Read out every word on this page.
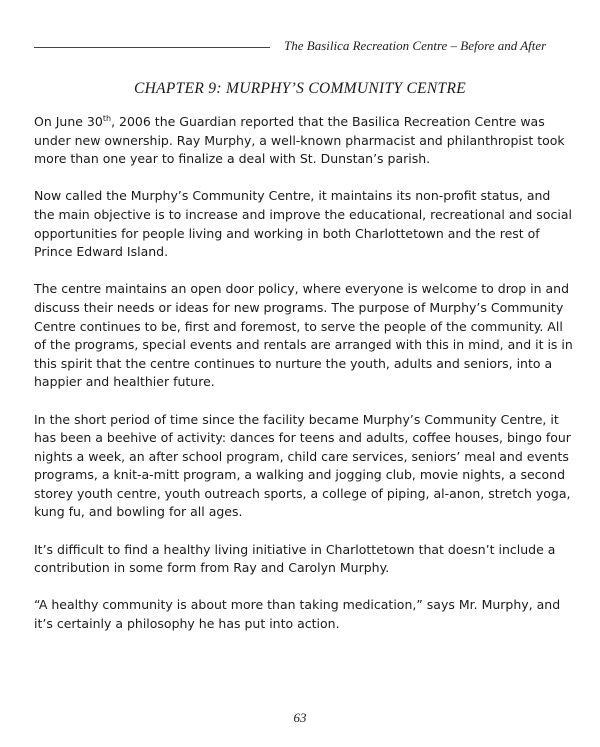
The Basilica Recreation Centre – Before and After
CHAPTER 9: MURPHY’S COMMUNITY CENTRE

On June 30th, 2006 the Guardian reported that the Basilica Recreation Centre was under new ownership. Ray Murphy, a well-known pharmacist and philanthropist took more than one year to finalize a deal with St. Dunstan’s parish.

Now called the Murphy’s Community Centre, it maintains its non-profit status, and the main objective is to increase and improve the educational, recreational and social opportunities for people living and working in both Charlottetown and the rest of Prince Edward Island.

The centre maintains an open door policy, where everyone is welcome to drop in and discuss their needs or ideas for new programs. The purpose of Murphy’s Community Centre continues to be, first and foremost, to serve the people of the community. All of the programs, special events and rentals are arranged with this in mind, and it is in this spirit that the centre continues to nurture the youth, adults and seniors, into a happier and healthier future.

In the short period of time since the facility became Murphy’s Community Centre, it has been a beehive of activity: dances for teens and adults, coffee houses, bingo four nights a week, an after school program, child care services, seniors’ meal and events programs, a knit-a-mitt program, a walking and jogging club, movie nights, a second storey youth centre, youth outreach sports, a college of piping, al-anon, stretch yoga, kung fu, and bowling for all ages.

It’s difficult to find a healthy living initiative in Charlottetown that doesn’t include a contribution in some form from Ray and Carolyn Murphy.

“A healthy community is about more than taking medication,” says Mr. Murphy, and it’s certainly a philosophy he has put into action.

63
